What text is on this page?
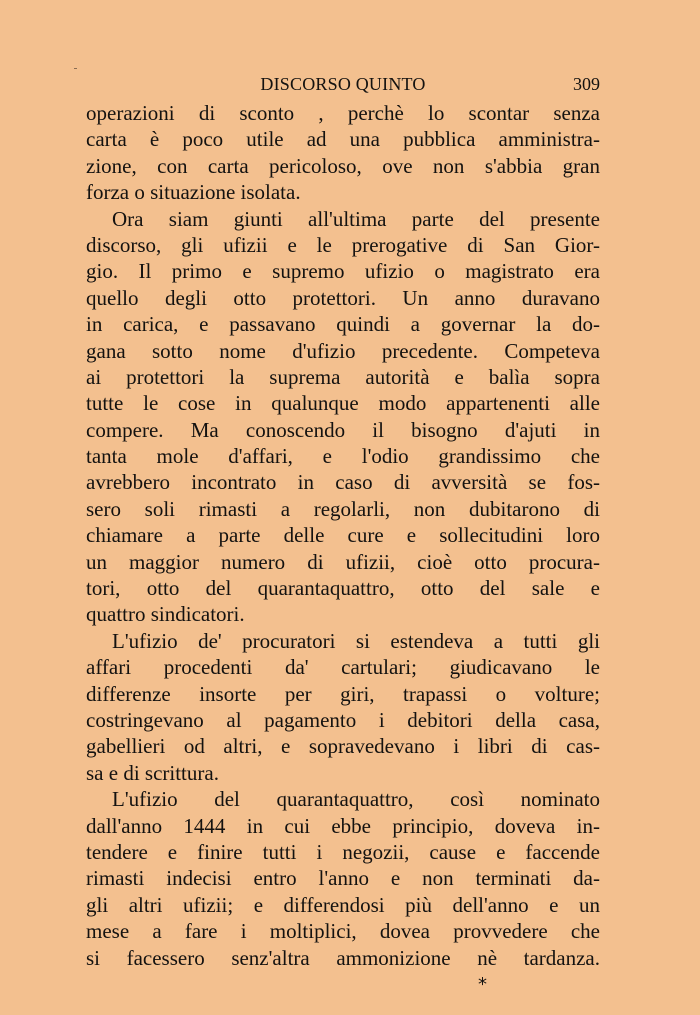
DISCORSO QUINTO	309
operazioni di sconto , perchè lo scontar senza
carta è poco utile ad una pubblica amministra-
zione, con carta pericoloso, ove non s'abbia gran
forza o situazione isolata.
Ora siam giunti all'ultima parte del presente
discorso, gli ufizii e le prerogative di San Gior-
gio. Il primo e supremo ufizio o magistrato era
quello degli otto protettori. Un anno duravano
in carica, e passavano quindi a governar la do-
gana sotto nome d'ufizio precedente. Competeva
ai protettori la suprema autorità e balìa sopra
tutte le cose in qualunque modo appartenenti alle
compere. Ma conoscendo il bisogno d'ajuti in
tanta mole d'affari, e l'odio grandissimo che
avrebbero incontrato in caso di avversità se fos-
sero soli rimasti a regolarli, non dubitarono di
chiamare a parte delle cure e sollecitudini loro
un maggior numero di ufizii, cioè otto procura-
tori, otto del quarantaquattro, otto del sale e
quattro sindicatori.
L'ufizio de' procuratori si estendeva a tutti gli
affari procedenti da' cartulari; giudicavano le
differenze insorte per giri, trapassi o volture;
costringevano al pagamento i debitori della casa,
gabellieri od altri, e sopravedevano i libri di cas-
sa e di scrittura.
L'ufizio del quarantaquattro, così nominato
dall'anno 1444 in cui ebbe principio, doveva in-
tendere e finire tutti i negozii, cause e faccende
rimasti indecisi entro l'anno e non terminati da-
gli altri ufizii; e differendosi più dell'anno e un
mese a fare i moltiplici, dovea provvedere che
si facessero senz'altra ammonizione nè tardanza.
*
